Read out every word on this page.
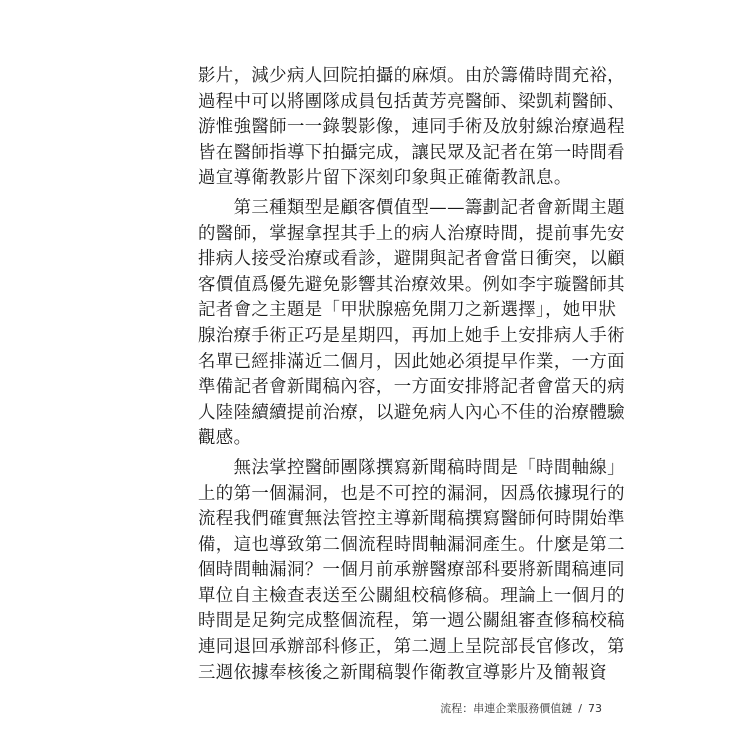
影片，減少病人回院拍攝的麻煩。由於籌備時間充裕，
過程中可以將團隊成員包括黃芳亮醫師、梁凱莉醫師、
游惟強醫師一一錄製影像，連同手術及放射線治療過程
皆在醫師指導下拍攝完成，讓民眾及記者在第一時間看
過宣導衛教影片留下深刻印象與正確衛教訊息。
　　第三種類型是顧客價值型——籌劃記者會新聞主題
的醫師，掌握拿捏其手上的病人治療時間，提前事先安
排病人接受治療或看診，避開與記者會當日衝突，以顧
客價值爲優先避免影響其治療效果。例如李宇璇醫師其
記者會之主題是「甲狀腺癌免開刀之新選擇」，她甲狀
腺治療手術正巧是星期四，再加上她手上安排病人手術
名單已經排滿近二個月，因此她必須提早作業，一方面
準備記者會新聞稿內容，一方面安排將記者會當天的病
人陸陸續續提前治療，以避免病人內心不佳的治療體驗
觀感。
　　無法掌控醫師團隊撰寫新聞稿時間是「時間軸線」
上的第一個漏洞，也是不可控的漏洞，因爲依據現行的
流程我們確實無法管控主導新聞稿撰寫醫師何時開始準
備，這也導致第二個流程時間軸漏洞產生。什麼是第二
個時間軸漏洞？一個月前承辦醫療部科要將新聞稿連同
單位自主檢查表送至公關組校稿修稿。理論上一個月的
時間是足夠完成整個流程，第一週公關組審查修稿校稿
連同退回承辦部科修正，第二週上呈院部長官修改，第
三週依據奉核後之新聞稿製作衛教宣導影片及簡報資
流程：串連企業服務價值鏈 / 73
